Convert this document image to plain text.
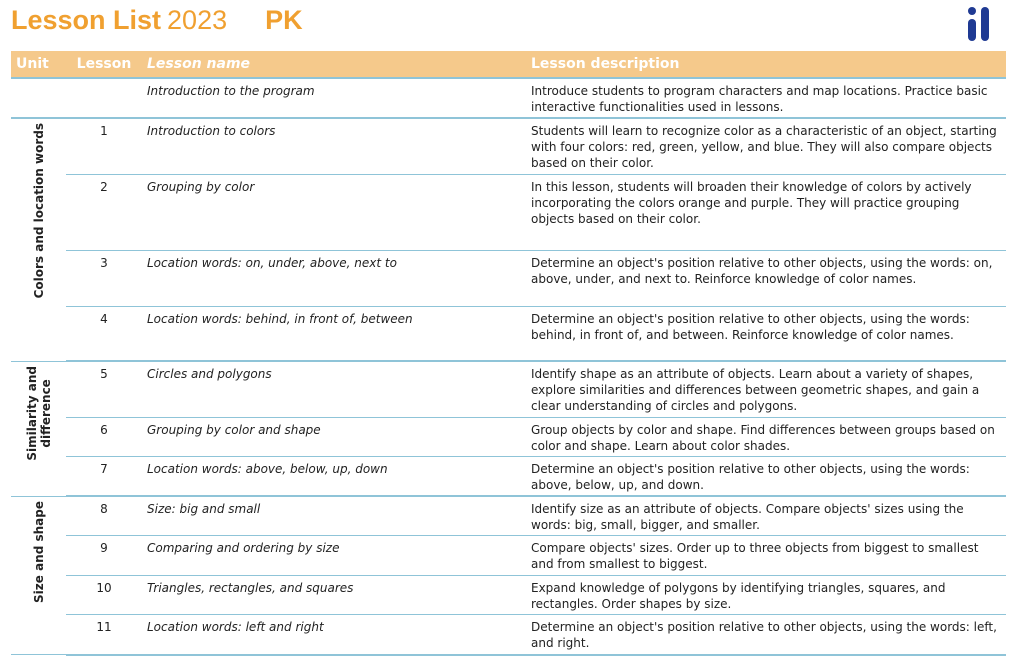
Lesson List 2023 PK
Unit	Lesson	Lesson name	Lesson description
		Introduction to the program	Introduce students to program characters and map locations. Practice basic interactive functionalities used in lessons.

Colors and location words	1	Introduction to colors	Students will learn to recognize color as a characteristic of an object, starting with four colors: red, green, yellow, and blue. They will also compare objects based on their color.
	2	Grouping by color	In this lesson, students will broaden their knowledge of colors by actively incorporating the colors orange and purple. They will practice grouping objects based on their color.
	3	Location words: on, under, above, next to	Determine an object's position relative to other objects, using the words: on, above, under, and next to. Reinforce knowledge of color names.
	4	Location words: behind, in front of, between	Determine an object's position relative to other objects, using the words: behind, in front of, and between. Reinforce knowledge of color names.

Similarity and
difference	5	Circles and polygons	Identify shape as an attribute of objects. Learn about a variety of shapes, explore similarities and differences between geometric shapes, and gain a clear understanding of circles and polygons.
	6	Grouping by color and shape	Group objects by color and shape. Find differences between groups based on color and shape. Learn about color shades.
	7	Location words: above, below, up, down	Determine an object's position relative to other objects, using the words: above, below, up, and down.

Size and shape	8	Size: big and small	Identify size as an attribute of objects. Compare objects' sizes using the words: big, small, bigger, and smaller.
	9	Comparing and ordering by size	Compare objects' sizes. Order up to three objects from biggest to smallest and from smallest to biggest.
	10	Triangles, rectangles, and squares	Expand knowledge of polygons by identifying triangles, squares, and rectangles. Order shapes by size.
	11	Location words: left and right	Determine an object's position relative to other objects, using the words: left, and right.
